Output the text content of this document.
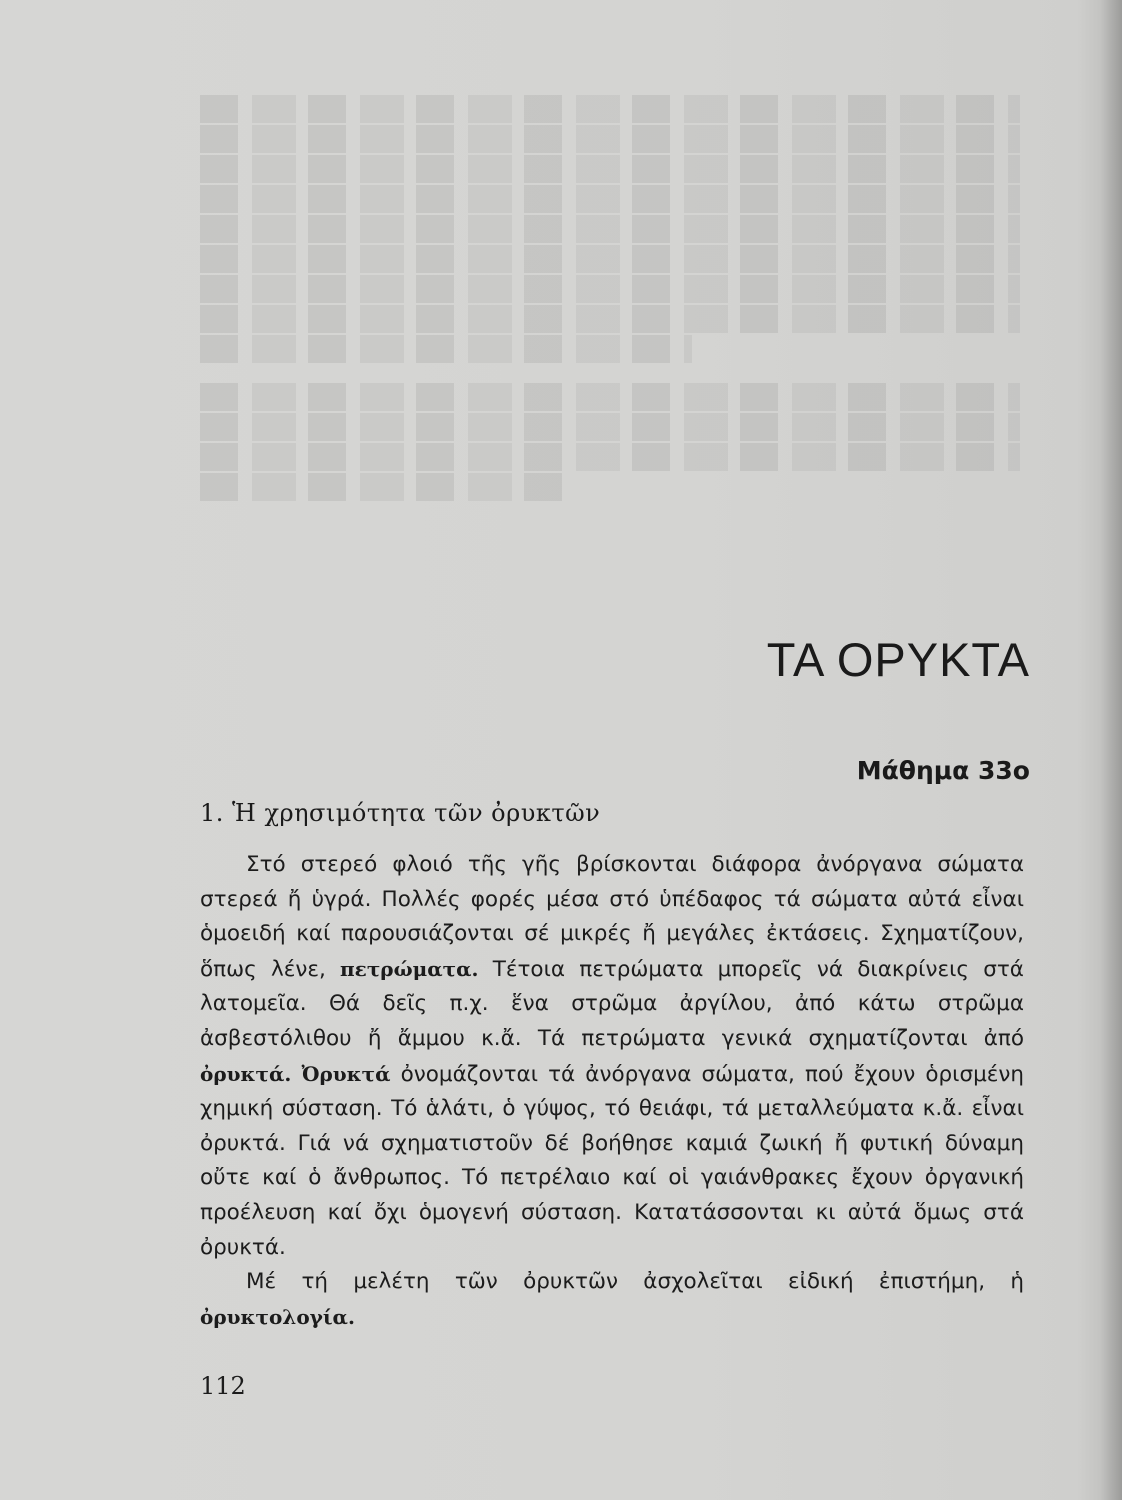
ΤΑ ΟΡΥΚΤΑ
Μάθημα 33ο
1. Ἡ χρησιμότητα τῶν ὀρυκτῶν

Στό στερεό φλοιό τῆς γῆς βρίσκονται διάφορα ἀνόργανα σώματα στερεά ἤ ὑγρά. Πολλές φορές μέσα στό ὑπέδαφος τά σώματα αὐτά εἶναι ὁμοειδή καί παρουσιάζονται σέ μικρές ἤ μεγάλες ἐκτάσεις. Σχηματίζουν, ὅπως λένε, πετρώματα. Τέτοια πετρώματα μπορεῖς νά διακρίνεις στά λατομεῖα. Θά δεῖς π.χ. ἕνα στρῶμα ἀργίλου, ἀπό κάτω στρῶμα ἀσβεστόλιθου ἤ ἄμμου κ.ἄ. Τά πετρώματα γενικά σχηματίζονται ἀπό ὀρυκτά. Ὀρυκτά ὀνομάζονται τά ἀνόργανα σώματα, πού ἔχουν ὁρισμένη χημική σύσταση. Τό ἁλάτι, ὁ γύψος, τό θειάφι, τά μεταλλεύματα κ.ἄ. εἶναι ὀρυκτά. Γιά νά σχηματιστοῦν δέ βοήθησε καμιά ζωική ἤ φυτική δύναμη οὔτε καί ὁ ἄνθρωπος. Τό πετρέλαιο καί οἱ γαιάνθρακες ἔχουν ὀργανική προέλευση καί ὄχι ὁμογενή σύσταση. Κατατάσσονται κι αὐτά ὅμως στά ὀρυκτά.

Μέ τή μελέτη τῶν ὀρυκτῶν ἀσχολεῖται εἰδική ἐπιστήμη, ἡ ὀρυκτολογία.

112
